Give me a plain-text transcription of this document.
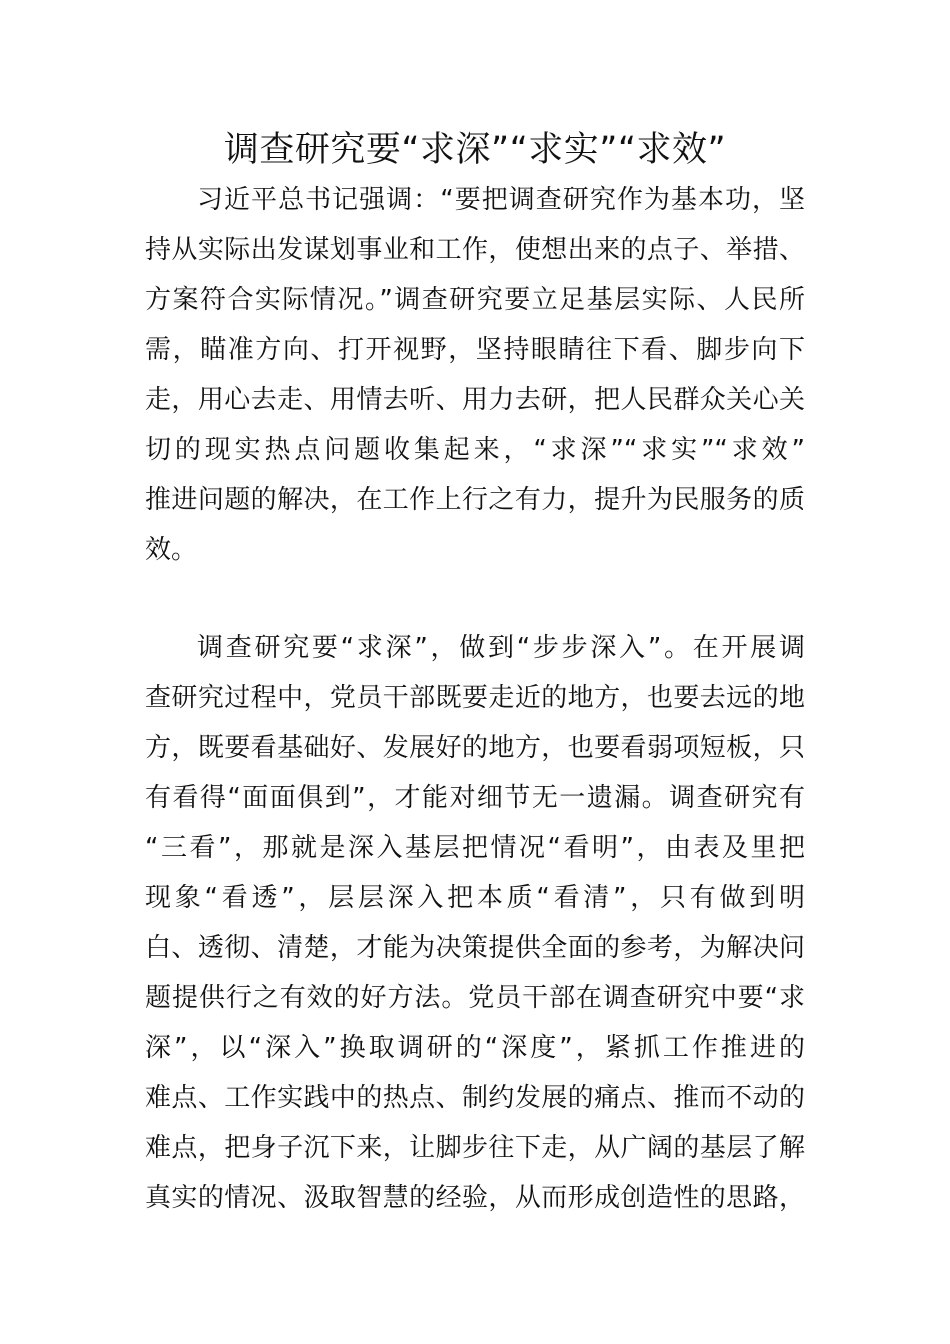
调查研究要“求深”“求实”“求效”
习近平总书记强调：“要把调查研究作为基本功，坚
持从实际出发谋划事业和工作，使想出来的点子、举措、
方案符合实际情况。”调查研究要立足基层实际、人民所
需，瞄准方向、打开视野，坚持眼睛往下看、脚步向下
走，用心去走、用情去听、用力去研，把人民群众关心关
切的现实热点问题收集起来，“求深”“求实”“求效”
推进问题的解决，在工作上行之有力，提升为民服务的质
效。
调查研究要“求深”，做到“步步深入”。在开展调
查研究过程中，党员干部既要走近的地方，也要去远的地
方，既要看基础好、发展好的地方，也要看弱项短板，只
有看得“面面俱到”，才能对细节无一遗漏。调查研究有
“三看”，那就是深入基层把情况“看明”，由表及里把
现象“看透”，层层深入把本质“看清”，只有做到明
白、透彻、清楚，才能为决策提供全面的参考，为解决问
题提供行之有效的好方法。党员干部在调查研究中要“求
深”，以“深入”换取调研的“深度”，紧抓工作推进的
难点、工作实践中的热点、制约发展的痛点、推而不动的
难点，把身子沉下来，让脚步往下走，从广阔的基层了解
真实的情况、汲取智慧的经验，从而形成创造性的思路，
